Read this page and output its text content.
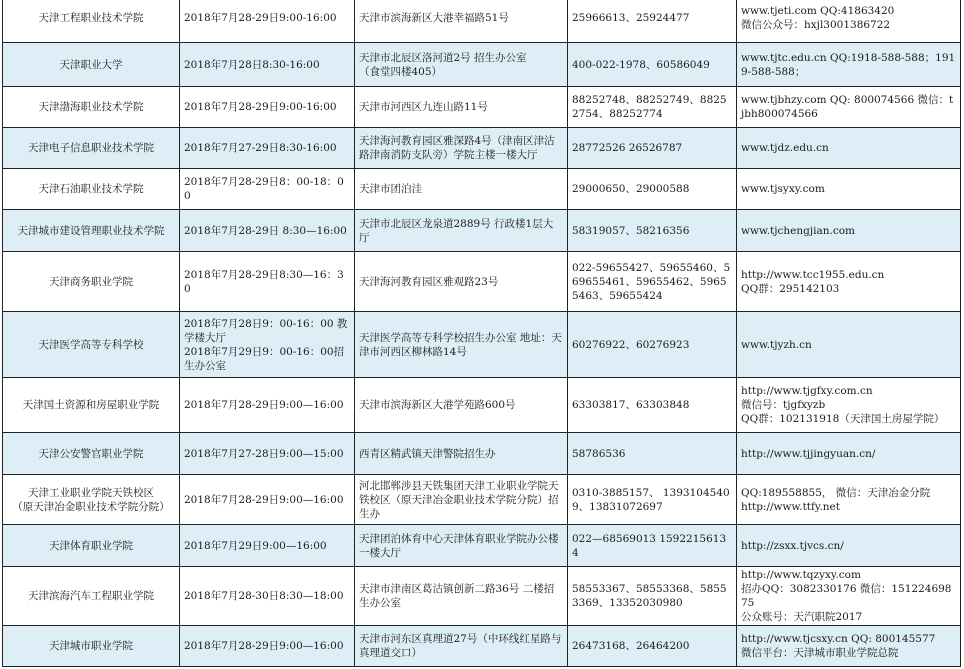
天津工程职业技术学院	2018年7月28-29日9:00-16:00	天津市滨海新区大港幸福路51号	25966613、25924477	www.tjeti.com QQ:41863420
微信公众号：hxjl3001386722
天津职业大学	2018年7月28日8:30-16:00	天津市北辰区洛河道2号 招生办公室
（食堂四楼405）	400-022-1978、60586049	www.tjtc.edu.cn QQ:1918-588-588；1919-588-588；
天津渤海职业技术学院	2018年7月28-29日9:00-16:00	天津市河西区九连山路11号	88252748、88252749、88252754、88252774	www.tjbhzy.com QQ: 800074566 微信：tjbh800074566
天津电子信息职业技术学院	2018年7月27-29日8:30-16:00	天津海河教育园区雅深路4号（津南区津沽路津南消防支队旁）学院主楼一楼大厅	28772526 26526787	www.tjdz.edu.cn
天津石油职业技术学院	2018年7月28-29日8：00-18：00	天津市团泊洼	29000650、29000588	www.tjsyxy.com
天津城市建设管理职业技术学院	2018年7月28-29日 8:30—16:00	天津市北辰区龙泉道2889号 行政楼1层大厅	58319057、58216356	www.tjchengjian.com
天津商务职业学院	2018年7月28-29日8:30—16：30	天津海河教育园区雅观路23号	022-59655427、59655460、569655461、59655462、59655463、59655424	http://www.tcc1955.edu.cn
QQ群：295142103
天津医学高等专科学校	2018年7月28日9：00-16：00 教学楼大厅
2018年7月29日9：00-16：00招生办公室	天津医学高等专科学校招生办公室 地址：天津市河西区柳林路14号	60276922、60276923	www.tjyzh.cn
天津国土资源和房屋职业学院	2018年7月28-29日9:00—16:00	天津市滨海新区大港学苑路600号	63303817、63303848	http://www.tjgfxy.com.cn
微信号：tjgfxyzb
QQ群：102131918（天津国土房屋学院）
天津公安警官职业学院	2018年7月27-28日9:00—15:00	西青区精武镇天津警院招生办	58786536	http://www.tjjingyuan.cn/
天津工业职业学院天铁校区
（原天津冶金职业技术学院分院）	2018年7月28-29日9:00—16:00	河北邯郸涉县天铁集团天津工业职业学院天铁校区（原天津冶金职业技术学院分院）招生办	0310-3885157、 13931045409、13831072697	QQ:189558855， 微信：天津冶金分院
http://www.ttfy.net
天津体育职业学院	2018年7月29日9:00—16:00	天津团泊体育中心天津体育职业学院办公楼一楼大厅	022—68569013 15922156134	http://zsxx.tjvcs.cn/
天津滨海汽车工程职业学院	2018年7月28-30日8:30—18:00	天津市津南区葛沽镇创新二路36号 二楼招生办公室	58553367、58553368、58553369、13352030980	http://www.tqzyxy.com
招办QQ：3082330176 微信：15122469875
公众账号：天汽职院2017
天津城市职业学院	2018年7月28-29日9:00—16:00	天津市河东区真理道27号（中环线红星路与真理道交口）	26473168、26464200	http://www.tjcsxy.cn QQ: 800145577
微信平台：天津城市职业学院总院
